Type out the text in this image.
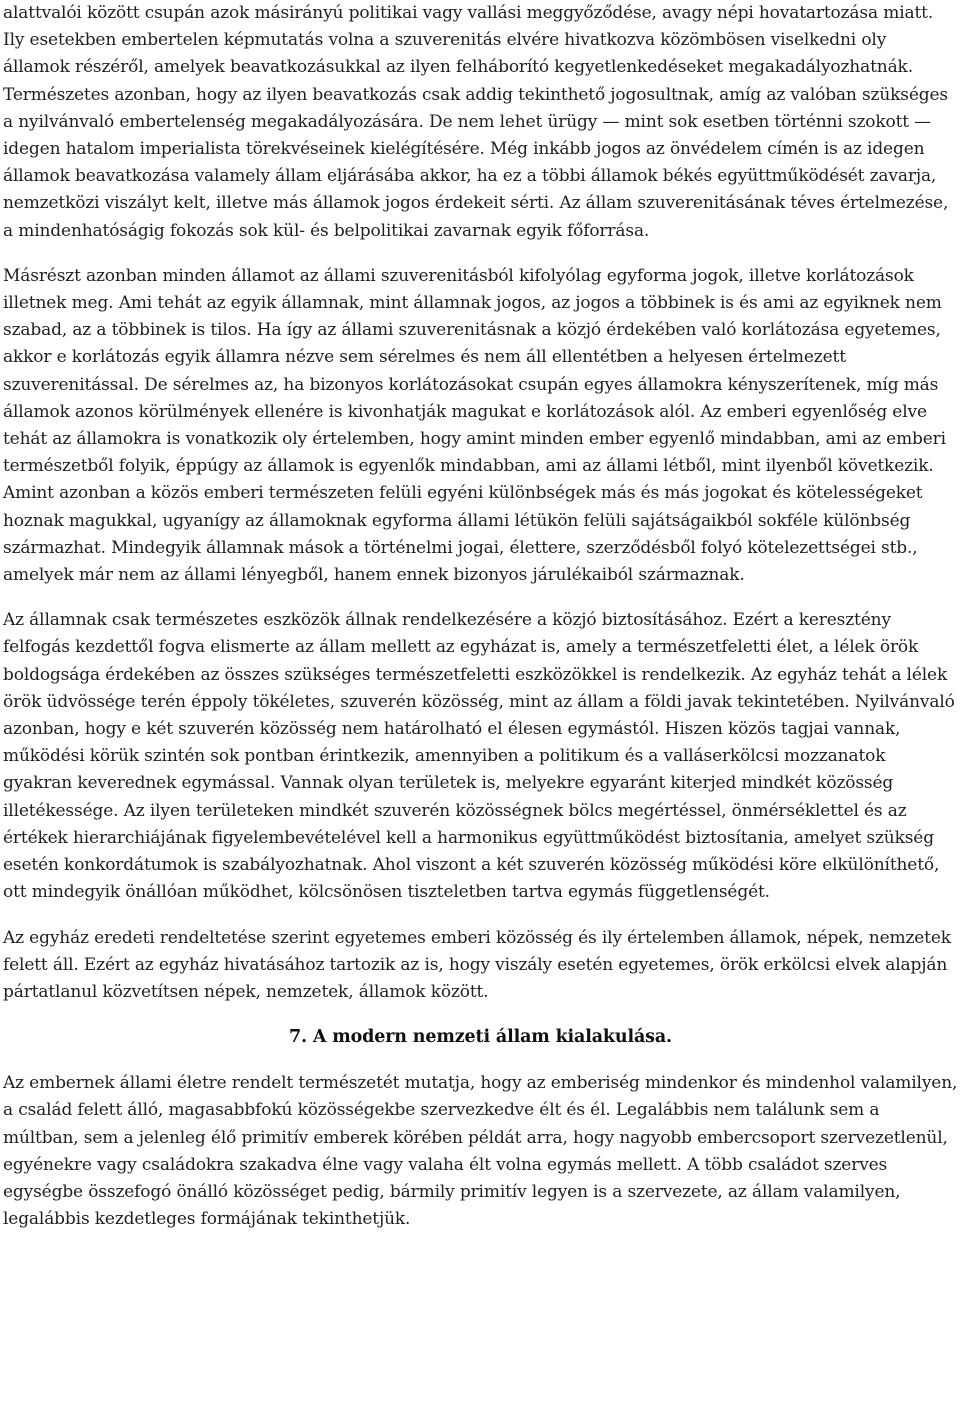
alattvalói között csupán azok másirányú politikai vagy vallási meggyőződése, avagy népi hovatartozása miatt. Ily esetekben embertelen képmutatás volna a szuverenitás elvére hivatkozva közömbösen viselkedni oly államok részéről, amelyek beavatkozásukkal az ilyen felháborító kegyetlenkedéseket megakadályozhatnák. Természetes azonban, hogy az ilyen beavatkozás csak addig tekinthető jogosultnak, amíg az valóban szükséges a nyilvánvaló embertelenség megakadályozására. De nem lehet ürügy — mint sok esetben történni szokott — idegen hatalom imperialista törekvéseinek kielégítésére. Még inkább jogos az önvédelem címén is az idegen államok beavatkozása valamely állam eljárásába akkor, ha ez a többi államok békés együttműködését zavarja, nemzetközi viszályt kelt, illetve más államok jogos érdekeit sérti. Az állam szuverenitásának téves értelmezése, a mindenhatóságig fokozás sok kül- és belpolitikai zavarnak egyik főforrása.

Másrészt azonban minden államot az állami szuverenitásból kifolyólag egyforma jogok, illetve korlátozások illetnek meg. Ami tehát az egyik államnak, mint államnak jogos, az jogos a többinek is és ami az egyiknek nem szabad, az a többinek is tilos. Ha így az állami szuverenitásnak a közjó érdekében való korlátozása egyetemes, akkor e korlátozás egyik államra nézve sem sérelmes és nem áll ellentétben a helyesen értelmezett szuverenitással. De sérelmes az, ha bizonyos korlátozásokat csupán egyes államokra kényszerítenek, míg más államok azonos körülmények ellenére is kivonhatják magukat e korlátozások alól. Az emberi egyenlőség elve tehát az államokra is vonatkozik oly értelemben, hogy amint minden ember egyenlő mindabban, ami az emberi természetből folyik, éppúgy az államok is egyenlők mindabban, ami az állami létből, mint ilyenből következik. Amint azonban a közös emberi természeten felüli egyéni különbségek más és más jogokat és kötelességeket hoznak magukkal, ugyanígy az államoknak egyforma állami létükön felüli sajátságaikból sokféle különbség származhat. Mindegyik államnak mások a történelmi jogai, élettere, szerződésből folyó kötelezettségei stb., amelyek már nem az állami lényegből, hanem ennek bizonyos járulékaiból származnak.

Az államnak csak természetes eszközök állnak rendelkezésére a közjó biztosításához. Ezért a keresztény felfogás kezdettől fogva elismerte az állam mellett az egyházat is, amely a természetfeletti élet, a lélek örök boldogsága érdekében az összes szükséges természetfeletti eszközökkel is rendelkezik. Az egyház tehát a lélek örök üdvössége terén éppoly tökéletes, szuverén közösség, mint az állam a földi javak tekintetében. Nyilvánvaló azonban, hogy e két szuverén közösség nem határolható el élesen egymástól. Hiszen közös tagjai vannak, működési körük szintén sok pontban érintkezik, amennyiben a politikum és a valláserkölcsi mozzanatok gyakran keverednek egymással. Vannak olyan területek is, melyekre egyaránt kiterjed mindkét közösség illetékessége. Az ilyen területeken mindkét szuverén közösségnek bölcs megértéssel, önmérséklettel és az értékek hierarchiájának figyelembevételével kell a harmonikus együttműködést biztosítania, amelyet szükség esetén konkordátumok is szabályozhatnak. Ahol viszont a két szuverén közösség működési köre elkülöníthető, ott mindegyik önállóan működhet, kölcsönösen tiszteletben tartva egymás függetlenségét.

Az egyház eredeti rendeltetése szerint egyetemes emberi közösség és ily értelemben államok, népek, nemzetek felett áll. Ezért az egyház hivatásához tartozik az is, hogy viszály esetén egyetemes, örök erkölcsi elvek alapján pártatlanul közvetítsen népek, nemzetek, államok között.

7. A modern nemzeti állam kialakulása.

Az embernek állami életre rendelt természetét mutatja, hogy az emberiség mindenkor és mindenhol valamilyen, a család felett álló, magasabbfokú közösségekbe szervezkedve élt és él. Legalábbis nem találunk sem a múltban, sem a jelenleg élő primitív emberek körében példát arra, hogy nagyobb embercsoport szervezetlenül, egyénekre vagy családokra szakadva élne vagy valaha élt volna egymás mellett. A több családot szerves egységbe összefogó önálló közösséget pedig, bármily primitív legyen is a szervezete, az állam valamilyen, legalábbis kezdetleges formájának tekinthetjük.
